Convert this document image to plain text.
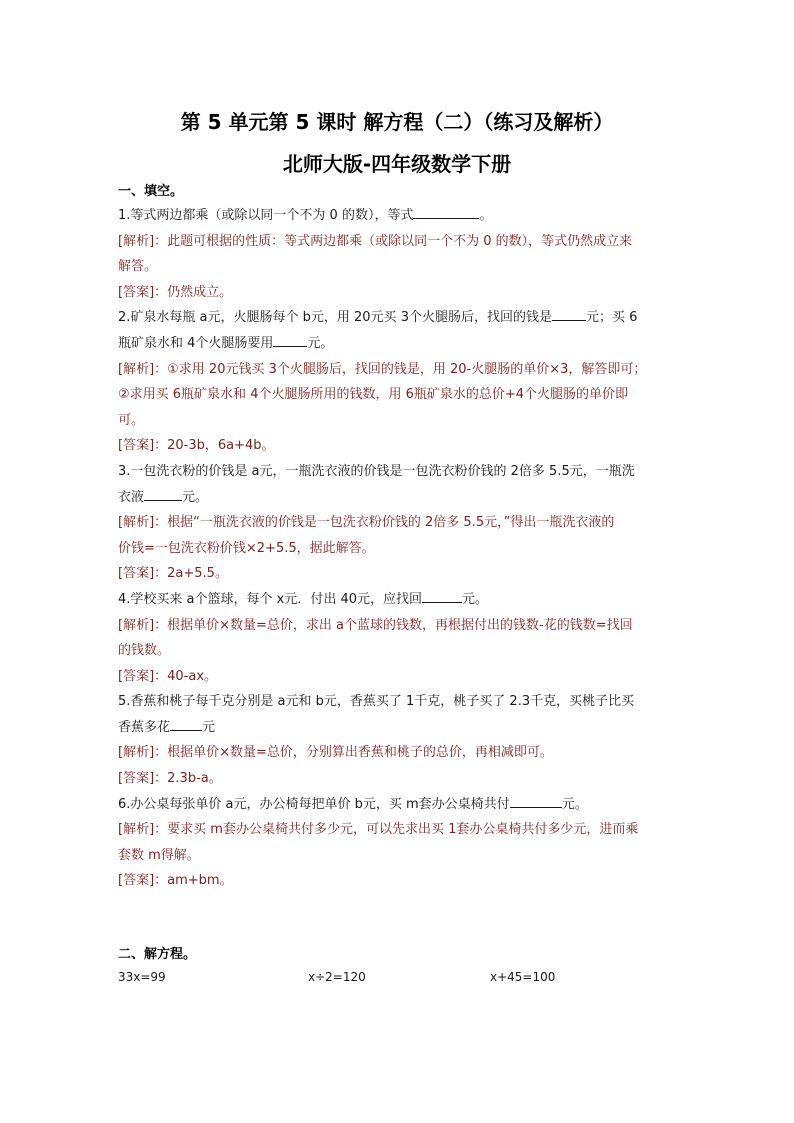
第 5 单元第 5 课时 解方程（二）（练习及解析）
北师大版-四年级数学下册
一、填空。

1.等式两边都乘（或除以同一个不为 0 的数），等式	。

[解析]：此题可根据的性质：等式两边都乘（或除以同一个不为 0 的数），等式仍然成立来

解答。

[答案]：仍然成立。

2.矿泉水每瓶 a元，火腿肠每个 b元，用 20元买 3个火腿肠后，找回的钱是	元；买 6

瓶矿泉水和 4个火腿肠要用	元。

[解析]：①求用 20元钱买 3个火腿肠后，找回的钱是，用 20-火腿肠的单价×3，解答即可；

②求用买 6瓶矿泉水和 4个火腿肠所用的钱数，用 6瓶矿泉水的总价+4个火腿肠的单价即

可。

[答案]：20-3b，6a+4b。

3.一包洗衣粉的价钱是 a元，一瓶洗衣液的价钱是一包洗衣粉价钱的 2倍多 5.5元，一瓶洗

衣液	元。

[解析]：根据“一瓶洗衣液的价钱是一包洗衣粉价钱的 2倍多 5.5元，”得出一瓶洗衣液的

价钱=一包洗衣粉价钱×2+5.5，据此解答。

[答案]：2a+5.5。

4.学校买来 a个篮球，每个 x元．付出 40元，应找回	元。

[解析]：根据单价×数量=总价，求出 a个蓝球的钱数，再根据付出的钱数-花的钱数=找回

的钱数。

[答案]：40-ax。

5.香蕉和桃子每千克分别是 a元和 b元，香蕉买了 1千克，桃子买了 2.3千克，买桃子比买

香蕉多花 元

[解析]：根据单价×数量=总价，分别算出香蕉和桃子的总价，再相减即可。

[答案]：2.3b-a。

6.办公桌每张单价 a元，办公椅每把单价 b元，买 m套办公桌椅共付	元。

[解析]：要求买 m套办公桌椅共付多少元，可以先求出买 1套办公桌椅共付多少元，进而乘

套数 m得解。

[答案]：am+bm。

二、解方程。
33x=99	x÷2=120	x+45=100
